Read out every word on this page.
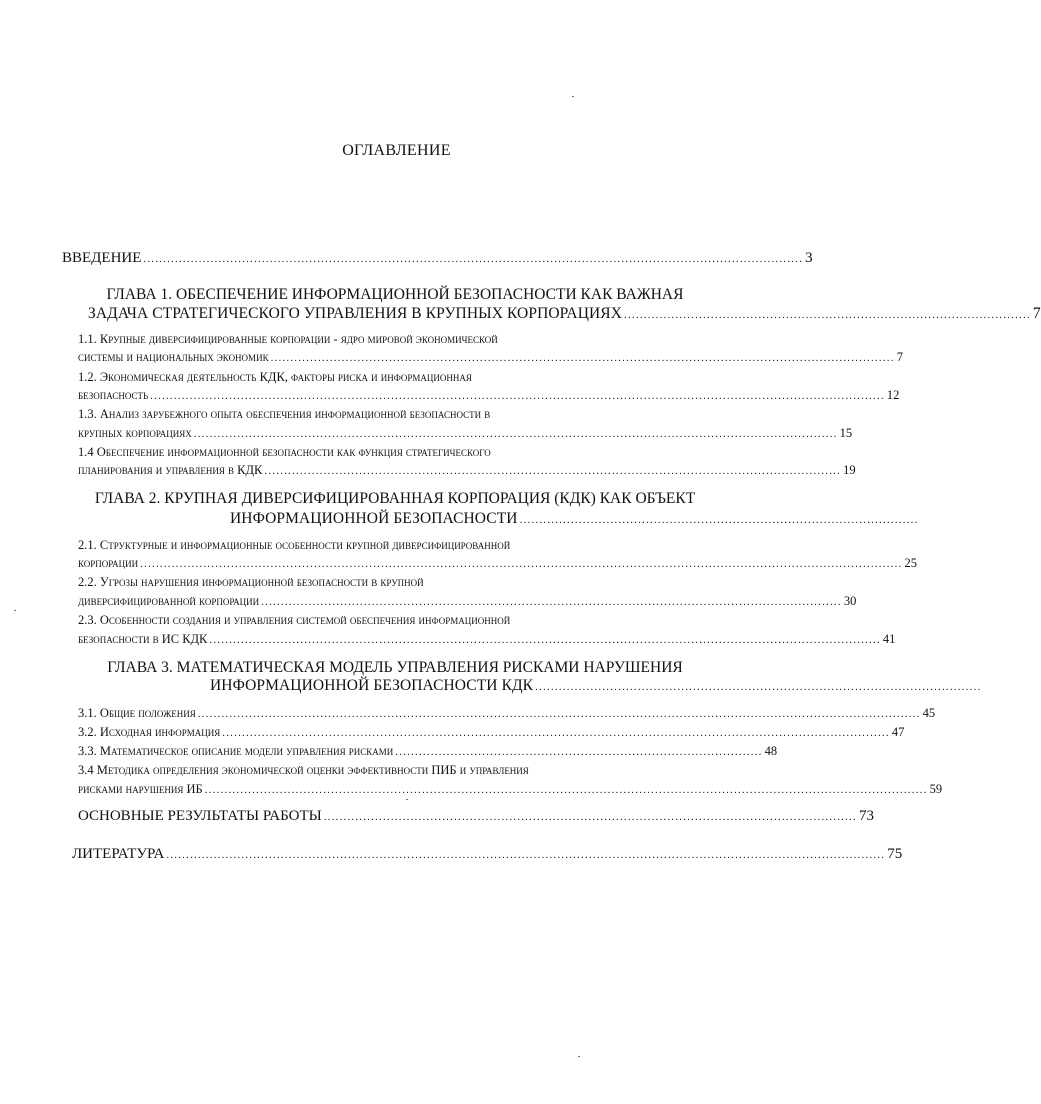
ОГЛАВЛЕНИЕ
ВВЕДЕНИЕ ....................................................................................................................................................................... 3
ГЛАВА 1. ОБЕСПЕЧЕНИЕ ИНФОРМАЦИОННОЙ БЕЗОПАСНОСТИ КАК ВАЖНАЯ
ЗАДАЧА СТРАТЕГИЧЕСКОГО УПРАВЛЕНИЯ В КРУПНЫХ КОРПОРАЦИЯХ ....................................................................................................... 7
1.1. Крупные диверсифицированные корпорации - ядро мировой экономической
системы и национальных экономик .............................................................................................................................................................. 7
1.2. Экономическая деятельность КДК, факторы риска и информационная
безопасность .......................................................................................................................................................................................... 12
1.3. Анализ зарубежного опыта обеспечения информационной безопасности в
крупных корпорациях ................................................................................................................................................................... 15
1.4 Обеспечение информационной безопасности как функция стратегического
планирования и управления в КДК .................................................................................................................................................. 19
ГЛАВА 2. КРУПНАЯ ДИВЕРСИФИЦИРОВАННАЯ КОРПОРАЦИЯ (КДК) КАК ОБЪЕКТ
ИНФОРМАЦИОННОЙ БЕЗОПАСНОСТИ .....................................................................................................
2.1. Структурные и информационные особенности крупной диверсифицированной
корпорации ................................................................................................................................................................................................. 25
2.2. Угрозы нарушения информационной безопасности в крупной
диверсифицированной корпорации ................................................................................................................................................... 30
2.3. Особенности создания и управления системой обеспечения информационной
безопасности в ИС КДК .......................................................................................................................................................................... 41
ГЛАВА 3. МАТЕМАТИЧЕСКАЯ МОДЕЛЬ УПРАВЛЕНИЯ РИСКАМИ НАРУШЕНИЯ
ИНФОРМАЦИОННОЙ БЕЗОПАСНОСТИ КДК .................................................................................................................
3.1. Общие положения ....................................................................................................................................................................................... 45
3.2. Исходная информация ......................................................................................................................................................................... 47
3.3. Математическое описание модели управления рисками ............................................................................................. 48
3.4 Методика определения экономической оценки эффективности ПИБ и управления
рисками нарушения ИБ ....................................................................................................................................................................................... 59
ОСНОВНЫЕ РЕЗУЛЬТАТЫ РАБОТЫ ....................................................................................................................................... 73
ЛИТЕРАТУРА ...................................................................................................................................................................................... 75
